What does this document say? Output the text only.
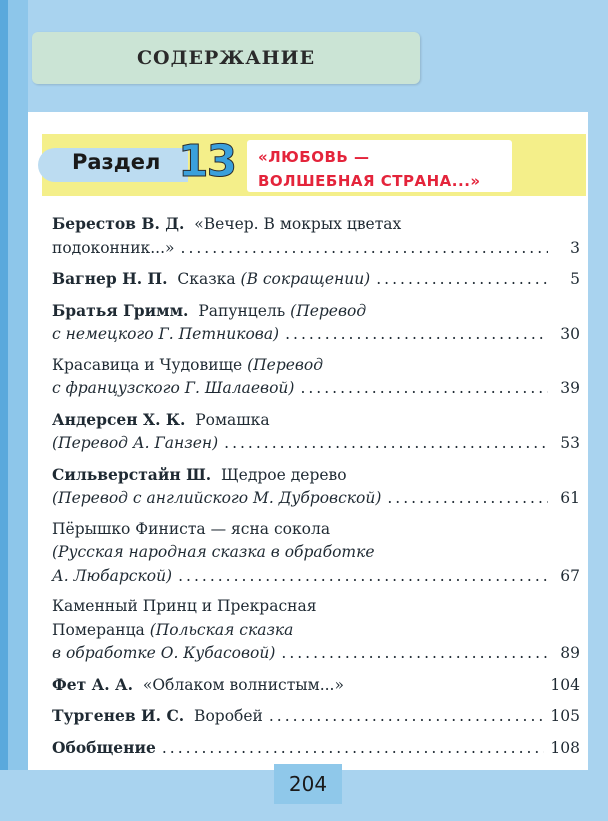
СОДЕРЖАНИЕ
Раздел 13 «ЛЮБОВЬ —
ВОЛШЕБНАЯ СТРАНА...»
Берестов В. Д. «Вечер. В мокрых цветах
подоконник...» .....	3
Вагнер Н. П. Сказка (В сокращении) .....	5
Братья Гримм. Рапунцель (Перевод
с немецкого Г. Петникова) .....	30
Красавица и Чудовище (Перевод
с французского Г. Шалаевой) .....	39
Андерсен Х. К. Ромашка
(Перевод А. Ганзен) .....	53
Сильверстайн Ш. Щедрое дерево
(Перевод с английского М. Дубровской) .....	61
Пёрышко Финиста — ясна сокола
(Русская народная сказка в обработке
А. Любарской) .....	67
Каменный Принц и Прекрасная
Померанца (Польская сказка
в обработке О. Кубасовой) .....	89
Фет А. А. «Облаком волнистым...»	104
Тургенев И. С. Воробей .....	105
Обобщение .....	108
204
